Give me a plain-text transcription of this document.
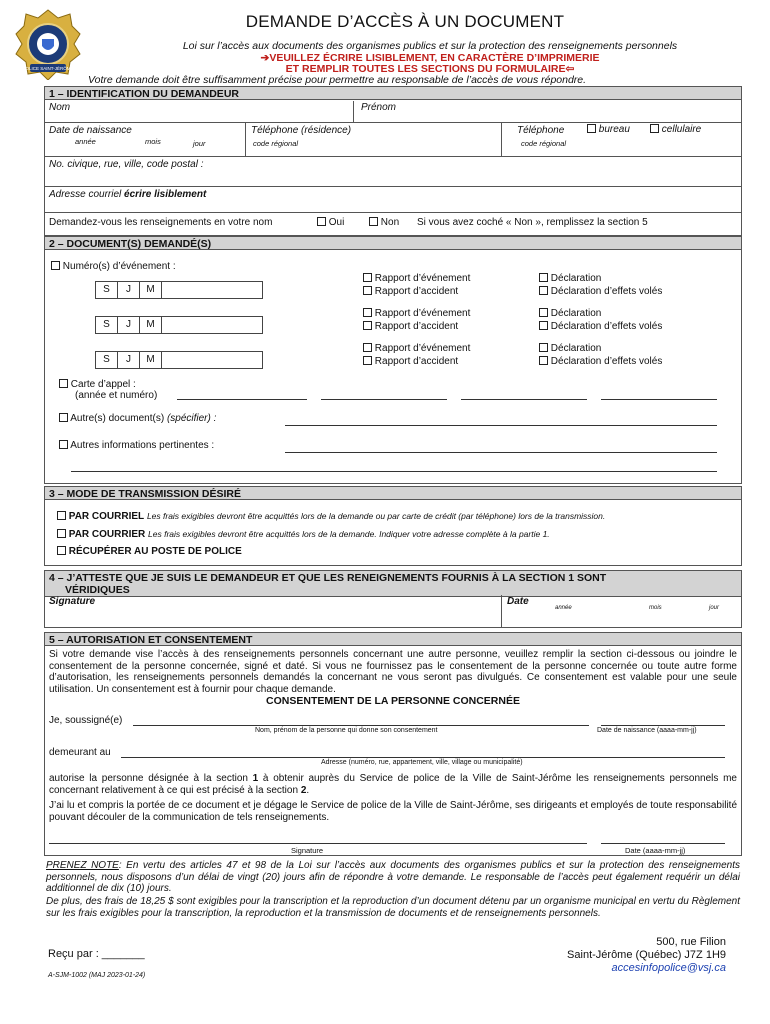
POLICE SAINT-JÉRÔME
DEMANDE D’ACCÈS À UN DOCUMENT
Loi sur l’accès aux documents des organismes publics et sur la protection des renseignements personnels
➔VEUILLEZ ÉCRIRE LISIBLEMENT, EN CARACTÈRE D’IMPRIMERIE
ET REMPLIR TOUTES LES SECTIONS DU FORMULAIRE⇦
Votre demande doit être suffisamment précise pour permettre au responsable de l’accès de vous répondre.
1 – IDENTIFICATION DU DEMANDEUR
Nom	Prénom
Date de naissance
année	mois	jour
Téléphone (résidence)
code régional
Téléphone	bureau	cellulaire
code régional
No. civique, rue, ville, code postal :
Adresse courriel écrire lisiblement
Demandez-vous les renseignements en votre nom	Oui	Non Si vous avez coché « Non », remplissez la section 5
2 – DOCUMENT(S) DEMANDÉ(S)
Numéro(s) d’événement :
S	J	M
Rapport d’événement
Rapport d’accident
Déclaration
Déclaration d’effets volés
S	J	M
Rapport d’événement
Rapport d’accident
Déclaration
Déclaration d’effets volés
S	J	M
Rapport d’événement
Rapport d’accident
Déclaration
Déclaration d’effets volés
Carte d’appel :
(année et numéro)
Autre(s) document(s) (spécifier) :
Autres informations pertinentes :
3 – MODE DE TRANSMISSION DÉSIRÉ
PAR COURRIEL Les frais exigibles devront être acquittés lors de la demande ou par carte de crédit (par téléphone) lors de la transmission.
PAR COURRIER Les frais exigibles devront être acquittés lors de la demande. Indiquer votre adresse complète à la partie 1.
RÉCUPÉRER AU POSTE DE POLICE
4 – J’ATTESTE QUE JE SUIS LE DEMANDEUR ET QUE LES RENEIGNEMENTS FOURNIS À LA SECTION 1 SONT
VÉRIDIQUES
Signature	Date
année	mois	jour
5 – AUTORISATION ET CONSENTEMENT
Si votre demande vise l’accès à des renseignements personnels concernant une autre personne, veuillez remplir la section ci-dessous ou joindre le consentement de la personne concernée, signé et daté. Si vous ne fournissez pas le consentement de la personne concernée ou toute autre forme d’autorisation, les renseignements personnels demandés la concernant ne vous seront pas divulgués. Ce consentement est valable pour une seule utilisation. Un consentement est à fournir pour chaque demande.
CONSENTEMENT DE LA PERSONNE CONCERNÉE
Je, soussigné(e)
Nom, prénom de la personne qui donne son consentement	Date de naissance (aaaa-mm-jj)
demeurant au
Adresse (numéro, rue, appartement, ville, village ou municipalité)
autorise la personne désignée à la section 1 à obtenir auprès du Service de police de la Ville de Saint-Jérôme les renseignements personnels me concernant relativement à ce qui est précisé à la section 2.
J’ai lu et compris la portée de ce document et je dégage le Service de police de la Ville de Saint-Jérôme, ses dirigeants et employés de toute responsabilité pouvant découler de la communication de tels renseignements.
Signature	Date (aaaa-mm-jj)
PRENEZ NOTE: En vertu des articles 47 et 98 de la Loi sur l’accès aux documents des organismes publics et sur la protection des renseignements personnels, nous disposons d’un délai de vingt (20) jours afin de répondre à votre demande. Le responsable de l’accès peut également requérir un délai additionnel de dix (10) jours.
De plus, des frais de 18,25 $ sont exigibles pour la transcription et la reproduction d’un document détenu par un organisme municipal en vertu du Règlement sur les frais exigibles pour la transcription, la reproduction et la transmission de documents et de renseignements personnels.
Reçu par : _______
500, rue Filion
Saint-Jérôme (Québec) J7Z 1H9
accesinfopolice@vsj.ca
A-SJM-1002 (MAJ 2023-01-24)
